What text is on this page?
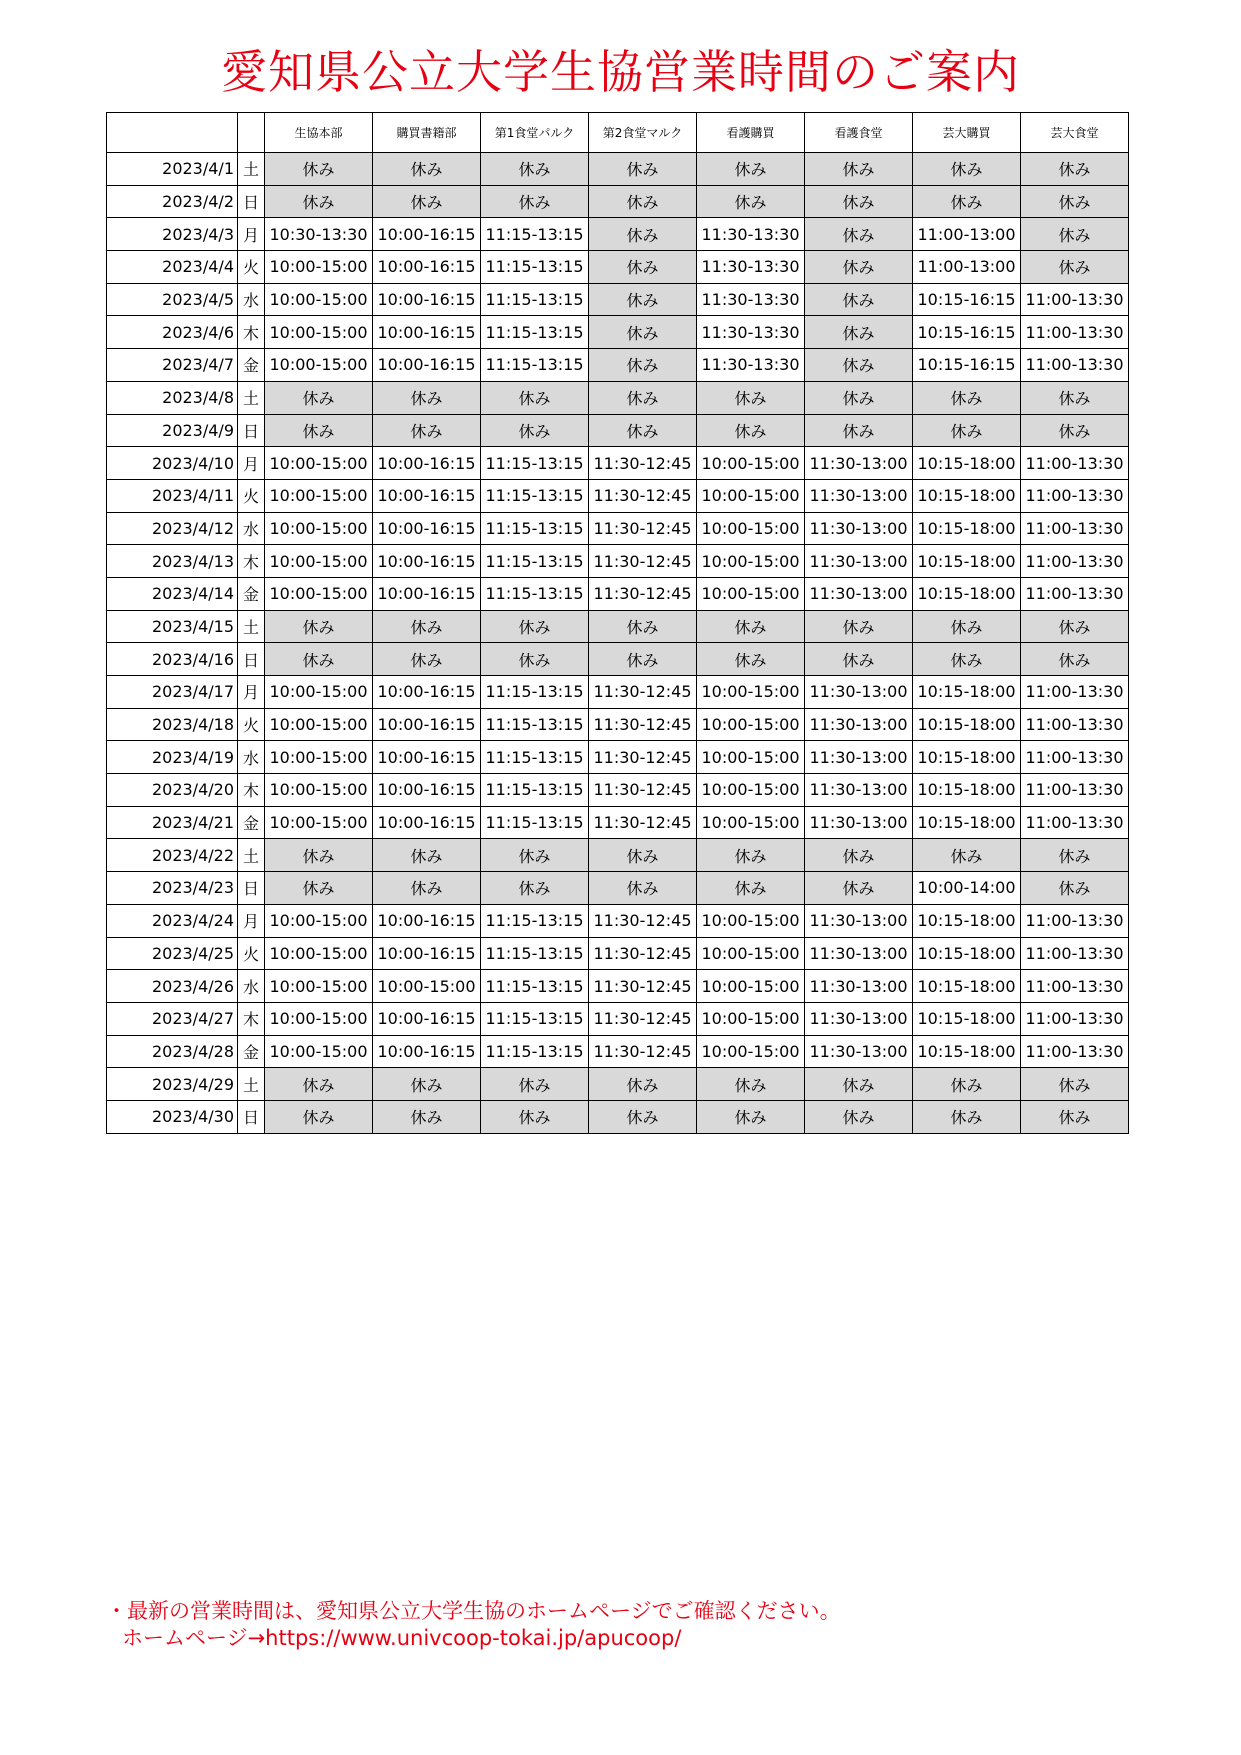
愛知県公立大学生協営業時間のご案内
		生協本部	購買書籍部	第1食堂パルク	第2食堂マルク	看護購買	看護食堂	芸大購買	芸大食堂
2023/4/1	土	休み	休み	休み	休み	休み	休み	休み	休み
2023/4/2	日	休み	休み	休み	休み	休み	休み	休み	休み
2023/4/3	月	10:30-13:30	10:00-16:15	11:15-13:15	休み	11:30-13:30	休み	11:00-13:00	休み
2023/4/4	火	10:00-15:00	10:00-16:15	11:15-13:15	休み	11:30-13:30	休み	11:00-13:00	休み
2023/4/5	水	10:00-15:00	10:00-16:15	11:15-13:15	休み	11:30-13:30	休み	10:15-16:15	11:00-13:30
2023/4/6	木	10:00-15:00	10:00-16:15	11:15-13:15	休み	11:30-13:30	休み	10:15-16:15	11:00-13:30
2023/4/7	金	10:00-15:00	10:00-16:15	11:15-13:15	休み	11:30-13:30	休み	10:15-16:15	11:00-13:30
2023/4/8	土	休み	休み	休み	休み	休み	休み	休み	休み
2023/4/9	日	休み	休み	休み	休み	休み	休み	休み	休み
2023/4/10	月	10:00-15:00	10:00-16:15	11:15-13:15	11:30-12:45	10:00-15:00	11:30-13:00	10:15-18:00	11:00-13:30
2023/4/11	火	10:00-15:00	10:00-16:15	11:15-13:15	11:30-12:45	10:00-15:00	11:30-13:00	10:15-18:00	11:00-13:30
2023/4/12	水	10:00-15:00	10:00-16:15	11:15-13:15	11:30-12:45	10:00-15:00	11:30-13:00	10:15-18:00	11:00-13:30
2023/4/13	木	10:00-15:00	10:00-16:15	11:15-13:15	11:30-12:45	10:00-15:00	11:30-13:00	10:15-18:00	11:00-13:30
2023/4/14	金	10:00-15:00	10:00-16:15	11:15-13:15	11:30-12:45	10:00-15:00	11:30-13:00	10:15-18:00	11:00-13:30
2023/4/15	土	休み	休み	休み	休み	休み	休み	休み	休み
2023/4/16	日	休み	休み	休み	休み	休み	休み	休み	休み
2023/4/17	月	10:00-15:00	10:00-16:15	11:15-13:15	11:30-12:45	10:00-15:00	11:30-13:00	10:15-18:00	11:00-13:30
2023/4/18	火	10:00-15:00	10:00-16:15	11:15-13:15	11:30-12:45	10:00-15:00	11:30-13:00	10:15-18:00	11:00-13:30
2023/4/19	水	10:00-15:00	10:00-16:15	11:15-13:15	11:30-12:45	10:00-15:00	11:30-13:00	10:15-18:00	11:00-13:30
2023/4/20	木	10:00-15:00	10:00-16:15	11:15-13:15	11:30-12:45	10:00-15:00	11:30-13:00	10:15-18:00	11:00-13:30
2023/4/21	金	10:00-15:00	10:00-16:15	11:15-13:15	11:30-12:45	10:00-15:00	11:30-13:00	10:15-18:00	11:00-13:30
2023/4/22	土	休み	休み	休み	休み	休み	休み	休み	休み
2023/4/23	日	休み	休み	休み	休み	休み	休み	10:00-14:00	休み
2023/4/24	月	10:00-15:00	10:00-16:15	11:15-13:15	11:30-12:45	10:00-15:00	11:30-13:00	10:15-18:00	11:00-13:30
2023/4/25	火	10:00-15:00	10:00-16:15	11:15-13:15	11:30-12:45	10:00-15:00	11:30-13:00	10:15-18:00	11:00-13:30
2023/4/26	水	10:00-15:00	10:00-15:00	11:15-13:15	11:30-12:45	10:00-15:00	11:30-13:00	10:15-18:00	11:00-13:30
2023/4/27	木	10:00-15:00	10:00-16:15	11:15-13:15	11:30-12:45	10:00-15:00	11:30-13:00	10:15-18:00	11:00-13:30
2023/4/28	金	10:00-15:00	10:00-16:15	11:15-13:15	11:30-12:45	10:00-15:00	11:30-13:00	10:15-18:00	11:00-13:30
2023/4/29	土	休み	休み	休み	休み	休み	休み	休み	休み
2023/4/30	日	休み	休み	休み	休み	休み	休み	休み	休み
・最新の営業時間は、愛知県公立大学生協のホームページでご確認ください。
ホームページ→https://www.univcoop-tokai.jp/apucoop/
